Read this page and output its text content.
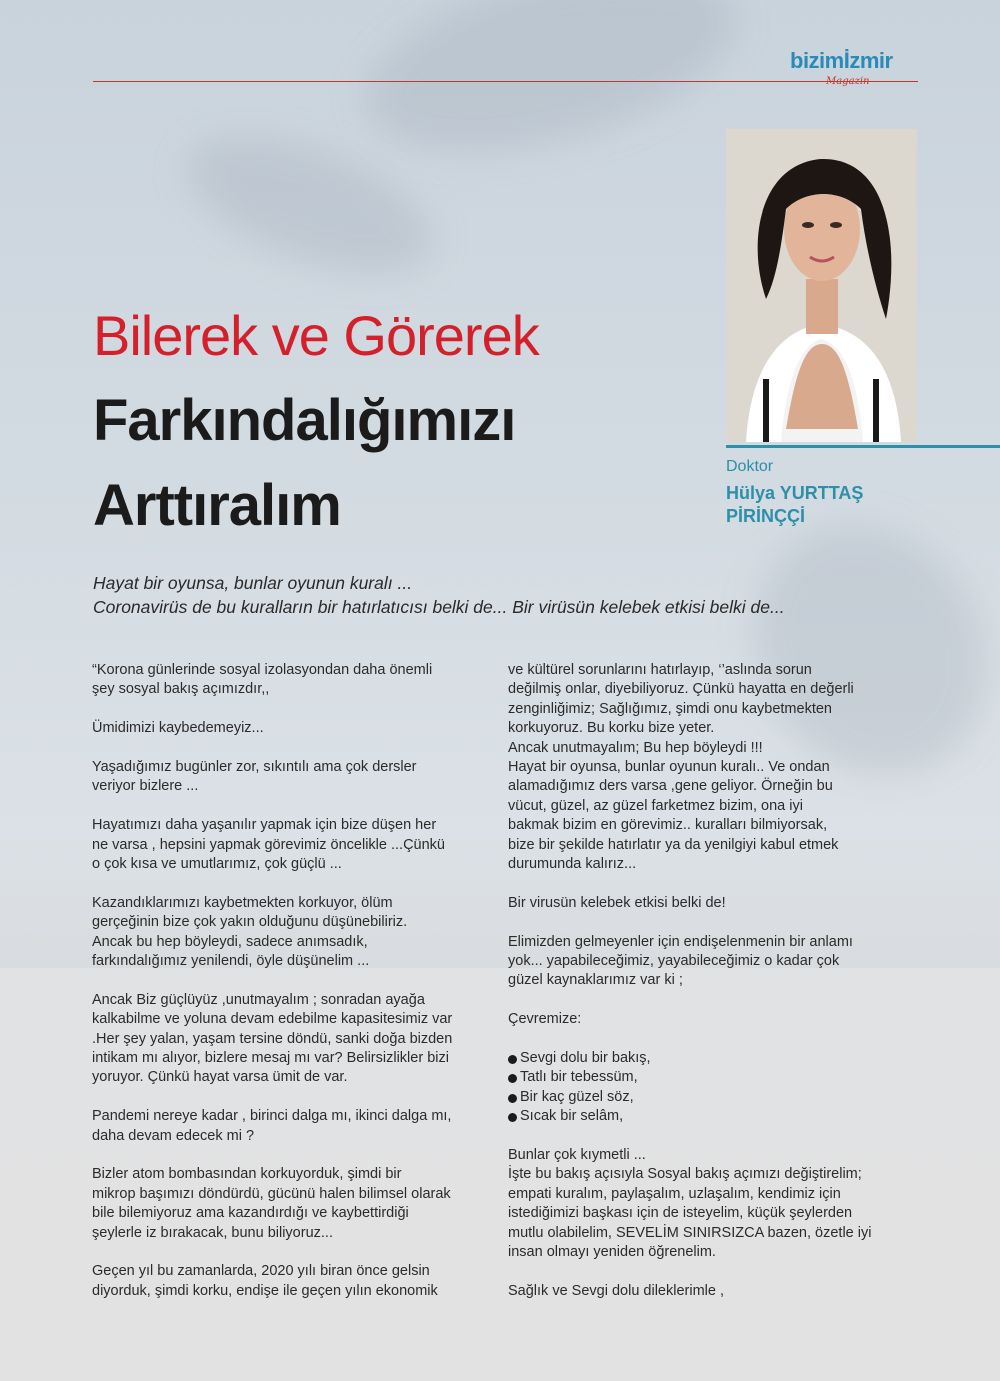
bizimİzmir
Magazin
Doktor
Hülya YURTTAŞ
PİRİNÇÇİ
Bilerek ve Görerek
Farkındalığımızı
Arttıralım
Hayat bir oyunsa, bunlar oyunun kuralı ...
Coronavirüs de bu kuralların bir hatırlatıcısı belki de... Bir virüsün kelebek etkisi belki de...

“Korona günlerinde sosyal izolasyondan daha önemli
şey sosyal bakış açımızdır,,

Ümidimizi kaybedemeyiz...

Yaşadığımız bugünler zor, sıkıntılı ama çok dersler
veriyor bizlere ...

Hayatımızı daha yaşanılır yapmak için bize düşen her
ne varsa , hepsini yapmak görevimiz öncelikle ...Çünkü
o çok kısa ve umutlarımız, çok güçlü ...

Kazandıklarımızı kaybetmekten korkuyor, ölüm
gerçeğinin bize çok yakın olduğunu düşünebiliriz.
Ancak bu hep böyleydi, sadece anımsadık,
farkındalığımız yenilendi, öyle düşünelim ...

Ancak Biz güçlüyüz ,unutmayalım ; sonradan ayağa
kalkabilme ve yoluna devam edebilme kapasitesimiz var
.Her şey yalan, yaşam tersine döndü, sanki doğa bizden
intikam mı alıyor, bizlere mesaj mı var? Belirsizlikler bizi
yoruyor. Çünkü hayat varsa ümit de var.

Pandemi nereye kadar , birinci dalga mı, ikinci dalga mı,
daha devam edecek mi ?

Bizler atom bombasından korkuyorduk, şimdi bir
mikrop başımızı döndürdü, gücünü halen bilimsel olarak
bile bilemiyoruz ama kazandırdığı ve kaybettirdiği
şeylerle iz bırakacak, bunu biliyoruz...

Geçen yıl bu zamanlarda, 2020 yılı biran önce gelsin
diyorduk, şimdi korku, endişe ile geçen yılın ekonomik

ve kültürel sorunlarını hatırlayıp, ‘’aslında sorun
değilmiş onlar, diyebiliyoruz. Çünkü hayatta en değerli
zenginliğimiz; Sağlığımız, şimdi onu kaybetmekten
korkuyoruz. Bu korku bize yeter.
Ancak unutmayalım; Bu hep böyleydi !!!
Hayat bir oyunsa, bunlar oyunun kuralı.. Ve ondan
alamadığımız ders varsa ,gene geliyor. Örneğin bu
vücut, güzel, az güzel farketmez bizim, ona iyi
bakmak bizim en görevimiz.. kuralları bilmiyorsak,
bize bir şekilde hatırlatır ya da yenilgiyi kabul etmek
durumunda kalırız...

Bir virusün kelebek etkisi belki de!

Elimizden gelmeyenler için endişelenmenin bir anlamı
yok... yapabileceğimiz, yayabileceğimiz o kadar çok
güzel kaynaklarımız var ki ;

Çevremize:

Sevgi dolu bir bakış,
Tatlı bir tebessüm,
Bir kaç güzel söz,
Sıcak bir selâm,

Bunlar çok kıymetli ...
İşte bu bakış açısıyla Sosyal bakış açımızı değiştirelim;
empati kuralım, paylaşalım, uzlaşalım, kendimiz için
istediğimizi başkası için de isteyelim, küçük şeylerden
mutlu olabilelim, SEVELİM SINIRSIZCA bazen, özetle iyi
insan olmayı yeniden öğrenelim.

Sağlık ve Sevgi dolu dileklerimle ,
